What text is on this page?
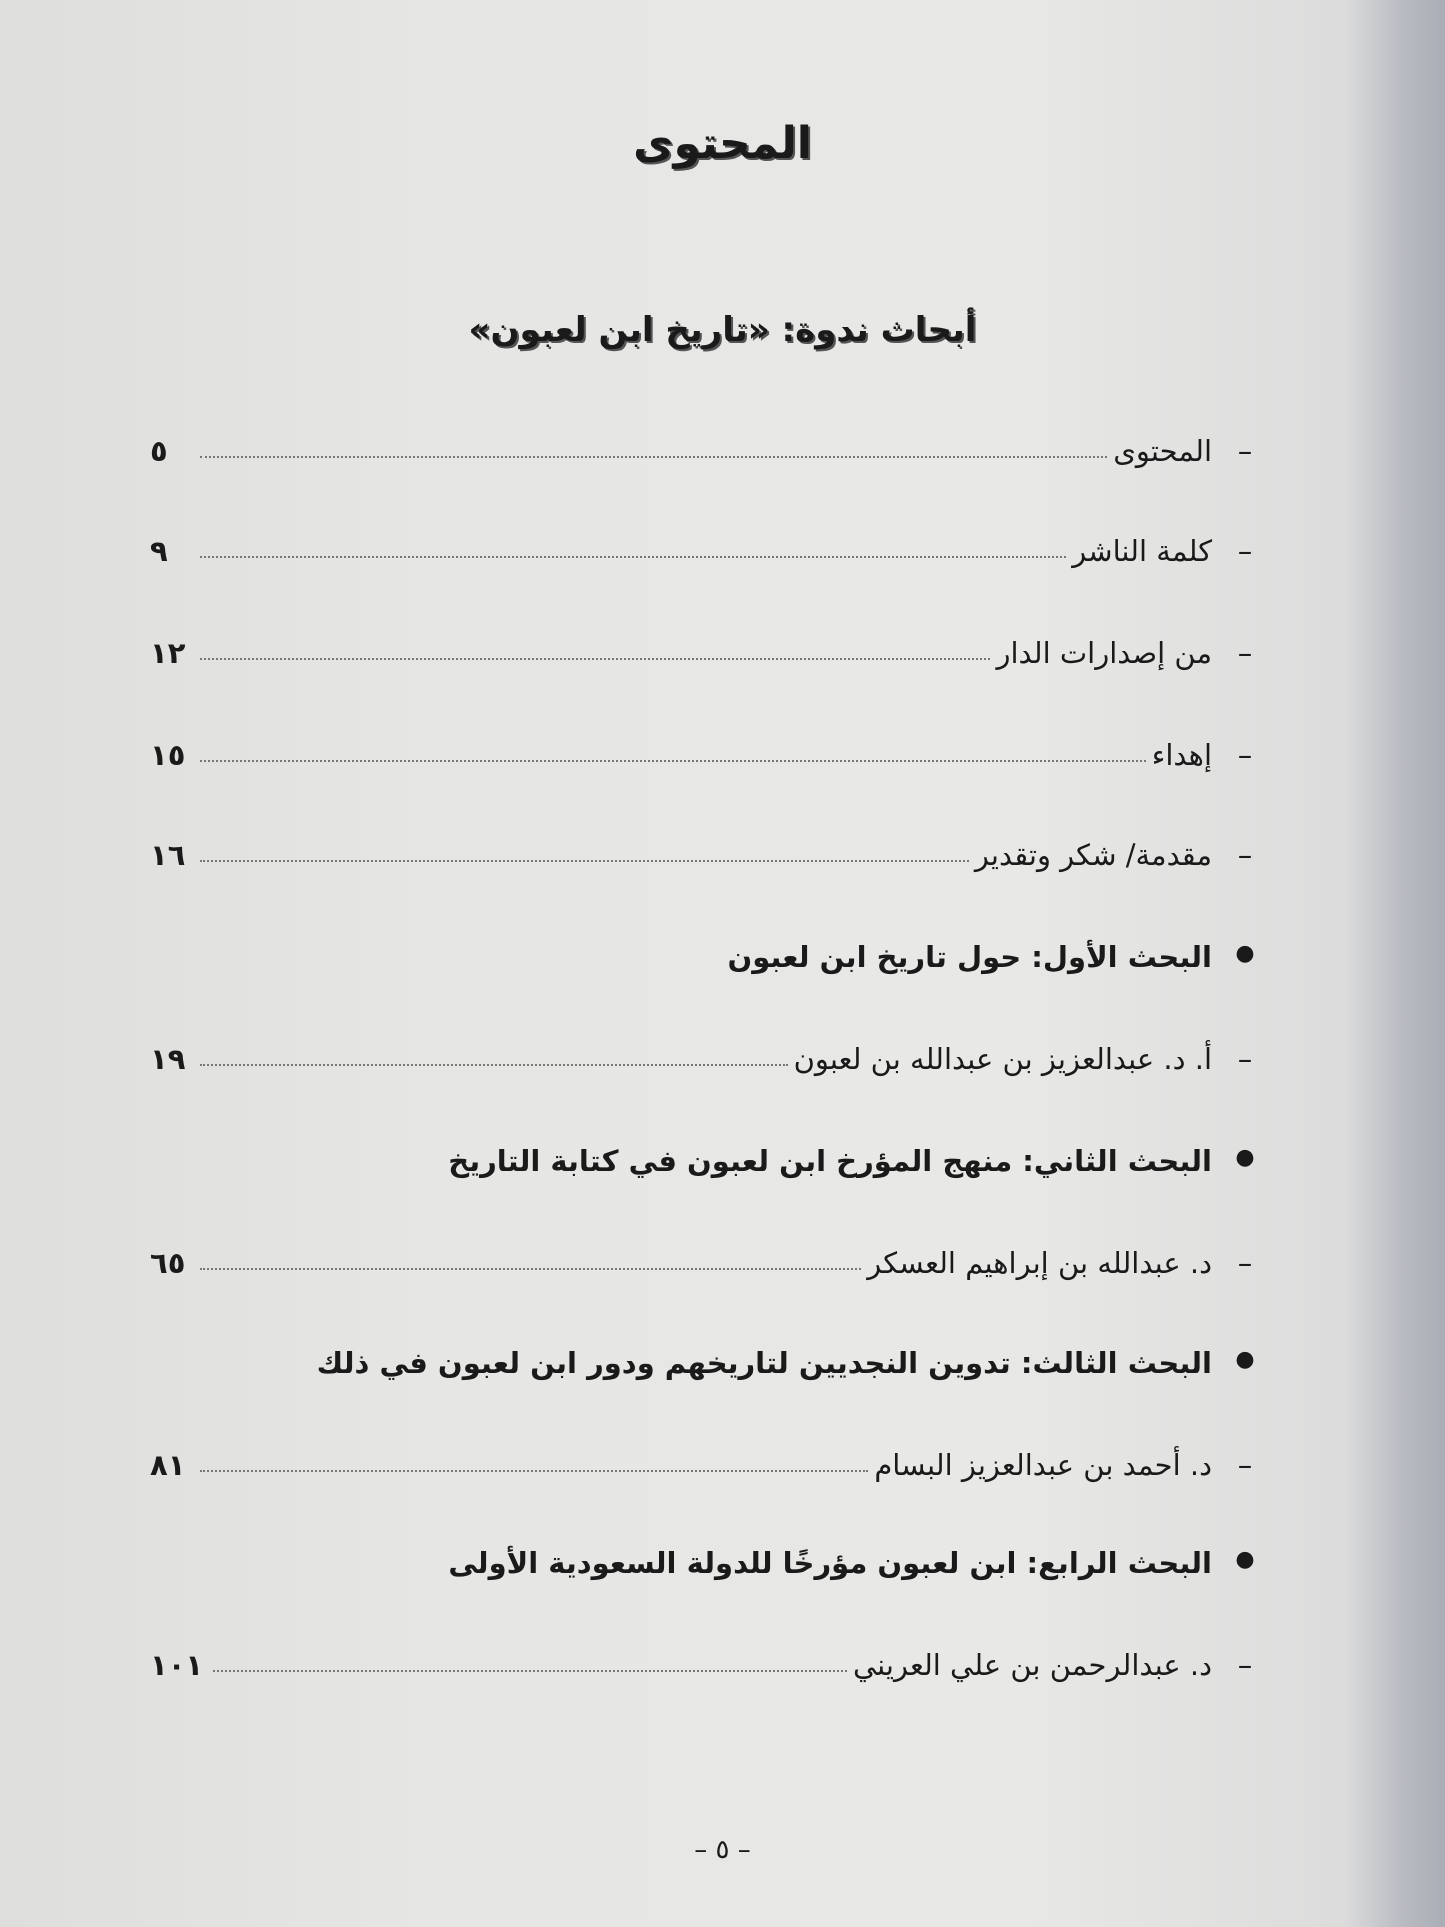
المحتوى
أبحاث ندوة: «تاريخ ابن لعبون»
–
المحتوى
٥
–
كلمة الناشر
٩
–
من إصدارات الدار
١٢
–
إهداء
١٥
–
مقدمة/ شكر وتقدير
١٦
●
البحث الأول: حول تاريخ ابن لعبون
–
أ. د. عبدالعزيز بن عبدالله بن لعبون
١٩
●
البحث الثاني: منهج المؤرخ ابن لعبون في كتابة التاريخ
–
د. عبدالله بن إبراهيم العسكر
٦٥
●
البحث الثالث: تدوين النجديين لتاريخهم ودور ابن لعبون في ذلك
–
د. أحمد بن عبدالعزيز البسام
٨١
●
البحث الرابع: ابن لعبون مؤرخًا للدولة السعودية الأولى
–
د. عبدالرحمن بن علي العريني
١٠١
– ٥ –
